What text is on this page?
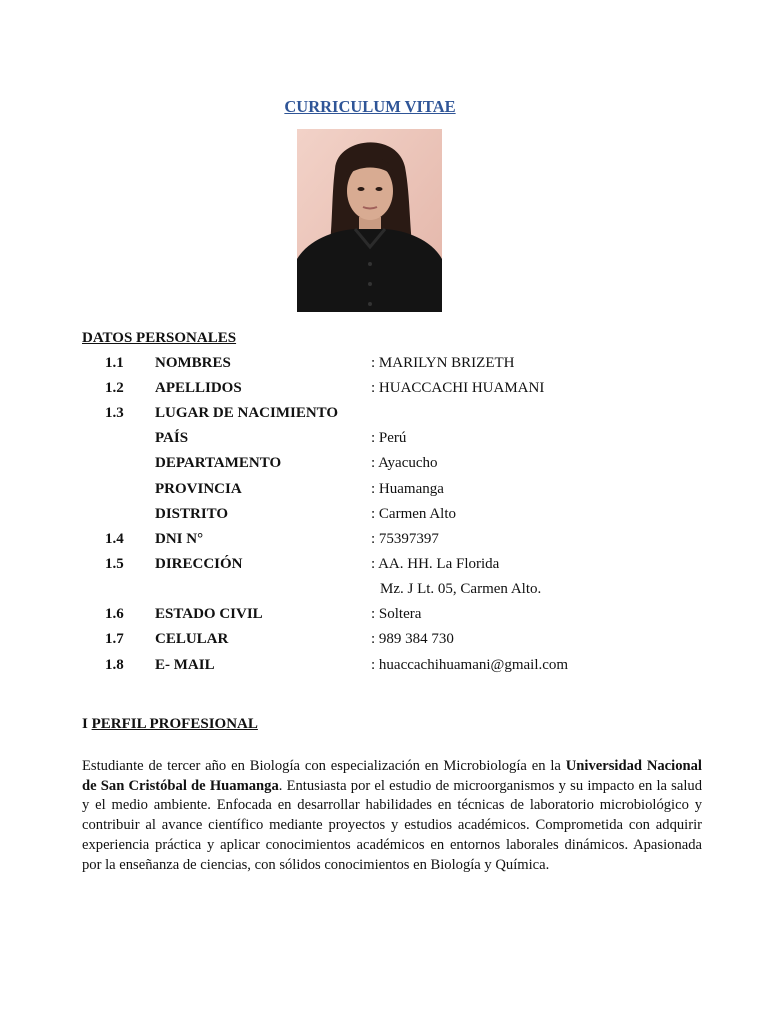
CURRICULUM VITAE
DATOS PERSONALES
1.1 NOMBRES	: MARILYN BRIZETH
1.2 APELLIDOS	: HUACCACHI HUAMANI
1.3 LUGAR DE NACIMIENTO
PAÍS	: Perú
DEPARTAMENTO	: Ayacucho
PROVINCIA	: Huamanga
DISTRITO	: Carmen Alto
1.4 DNI N°	: 75397397
1.5 DIRECCIÓN	: AA. HH. La Florida
Mz. J Lt. 05, Carmen Alto.
1.6 ESTADO CIVIL	: Soltera
1.7 CELULAR	: 989 384 730
1.8 E- MAIL	: huaccachihuamani@gmail.com
I PERFIL PROFESIONAL
Estudiante de tercer año en Biología con especialización en Microbiología en la Universidad Nacional de San Cristóbal de Huamanga. Entusiasta por el estudio de microorganismos y su impacto en la salud y el medio ambiente. Enfocada en desarrollar habilidades en técnicas de laboratorio microbiológico y contribuir al avance científico mediante proyectos y estudios académicos. Comprometida con adquirir experiencia práctica y aplicar conocimientos académicos en entornos laborales dinámicos. Apasionada por la enseñanza de ciencias, con sólidos conocimientos en Biología y Química.
